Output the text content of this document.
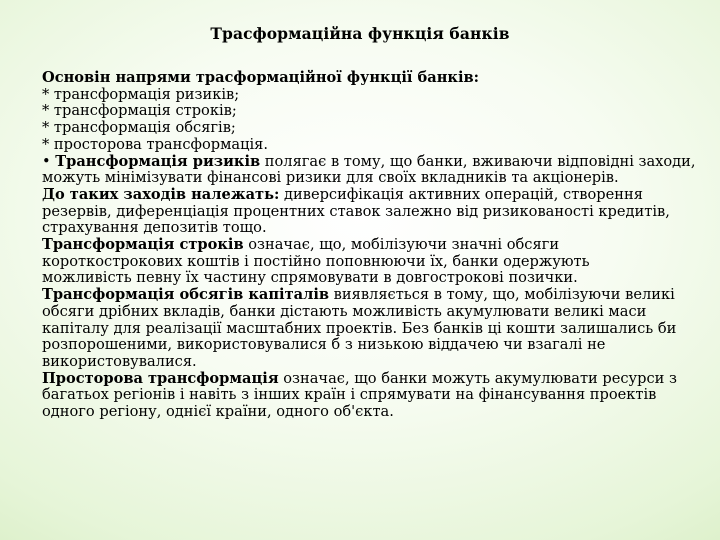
Трасформаційна функція банків
Основін напрями трасформаційної функції банків:
* трансформація ризиків;
* трансформація строків;
* трансформація обсягів;
* просторова трансформація.
• Трансформація ризиків полягає в тому, що банки, вживаючи відповідні заходи,
можуть мінімізувати фінансові ризики для своїх вкладників та акціонерів.
До таких заходів належать: диверсифікація активних операцій, створення
резервів, диференціація процентних ставок залежно від ризикованості кредитів,
страхування депозитів тощо.
Трансформація строків означає, що, мобілізуючи значні обсяги
короткострокових коштів і постійно поповнюючи їх, банки одержують
можливість певну їх частину спрямовувати в довгострокові позички.
Трансформація обсягів капіталів виявляється в тому, що, мобілізуючи великі
обсяги дрібних вкладів, банки дістають можливість акумулювати великі маси
капіталу для реалізації масштабних проектів. Без банків ці кошти залишались би
розпорошеними, використовувалися б з низькою віддачею чи взагалі не
використовувалися.
Просторова трансформація означає, що банки можуть акумулювати ресурси з
багатьох регіонів і навіть з інших країн і спрямувати на фінансування проектів
одного регіону, однієї країни, одного об'єкта.
